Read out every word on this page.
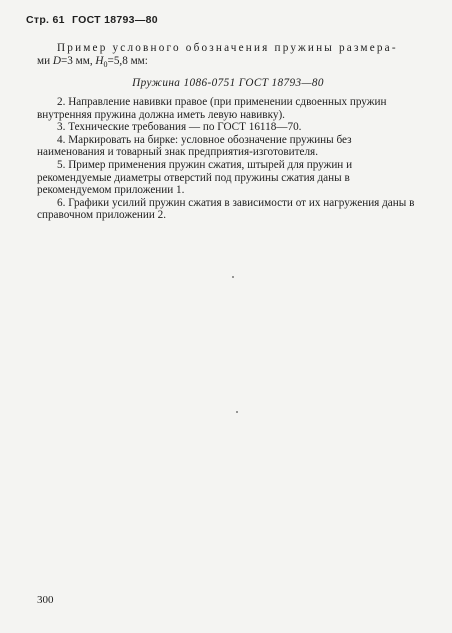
Стр. 61 ГОСТ 18793—80

Пример условного обозначения пружины размера-

ми D=3 мм, $H_0=5,8$ мм:

Пружина 1086-0751 ГОСТ 18793—80

2. Направление навивки правое (при применении сдвоенных пружин внутренняя пружина должна иметь левую навивку).

3. Технические требования — по ГОСТ 16118—70.

4. Маркировать на бирке: условное обозначение пружины без наименования и товарный знак предприятия-изготовителя.

5. Пример применения пружин сжатия, штырей для пружин и рекомендуемые диаметры отверстий под пружины сжатия даны в рекомендуемом приложении 1.

6. Графики усилий пружин сжатия в зависимости от их нагружения даны в справочном приложении 2.

300
